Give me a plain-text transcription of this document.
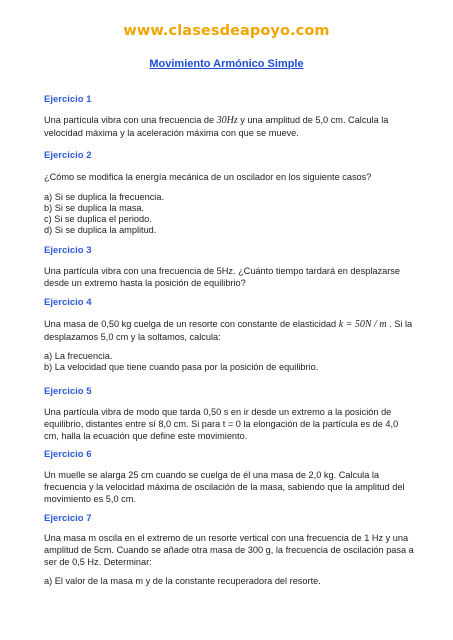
www.clasesdeapoyo.com
Movimiento Armónico Simple
Ejercicio 1

Una partícula vibra con una frecuencia de 30Hz y una amplitud de 5,0 cm. Calcula la velocidad máxima y la aceleración máxima con que se mueve.

Ejercicio 2

¿Cómo se modifica la energía mecánica de un oscilador en los siguiente casos?

a) Si se duplica la frecuencia.
b) Si se duplica la masa.
c) Si se duplica el periodo.
d) Si se duplica la amplitud.
Ejercicio 3

Una partícula vibra con una frecuencia de 5Hz. ¿Cuánto tiempo tardará en desplazarse desde un extremo hasta la posición de equilibrio?

Ejercicio 4

Una masa de 0,50 kg cuelga de un resorte con constante de elasticidad k = 50N / m . Si la desplazamos 5,0 cm y la soltamos, calcula:

a) La frecuencia.
b) La velocidad que tiene cuando pasa por la posición de equilibrio.
Ejercicio 5

Una partícula vibra de modo que tarda 0,50 s en ir desde un extremo a la posición de equilibrio, distantes entre sí 8,0 cm. Si para t = 0 la elongación de la partícula es de 4,0 cm, halla la ecuación que define este movimiento.

Ejercicio 6

Un muelle se alarga 25 cm cuando se cuelga de él una masa de 2,0 kg. Calcula la frecuencia y la velocidad máxima de oscilación de la masa, sabiendo que la amplitud del movimiento es 5,0 cm.

Ejercicio 7

Una masa m oscila en el extremo de un resorte vertical con una frecuencia de 1 Hz y una amplitud de 5cm. Cuando se añade otra masa de 300 g, la frecuencia de oscilación pasa a ser de 0,5 Hz. Determinar:

a) El valor de la masa m y de la constante recuperadora del resorte.
